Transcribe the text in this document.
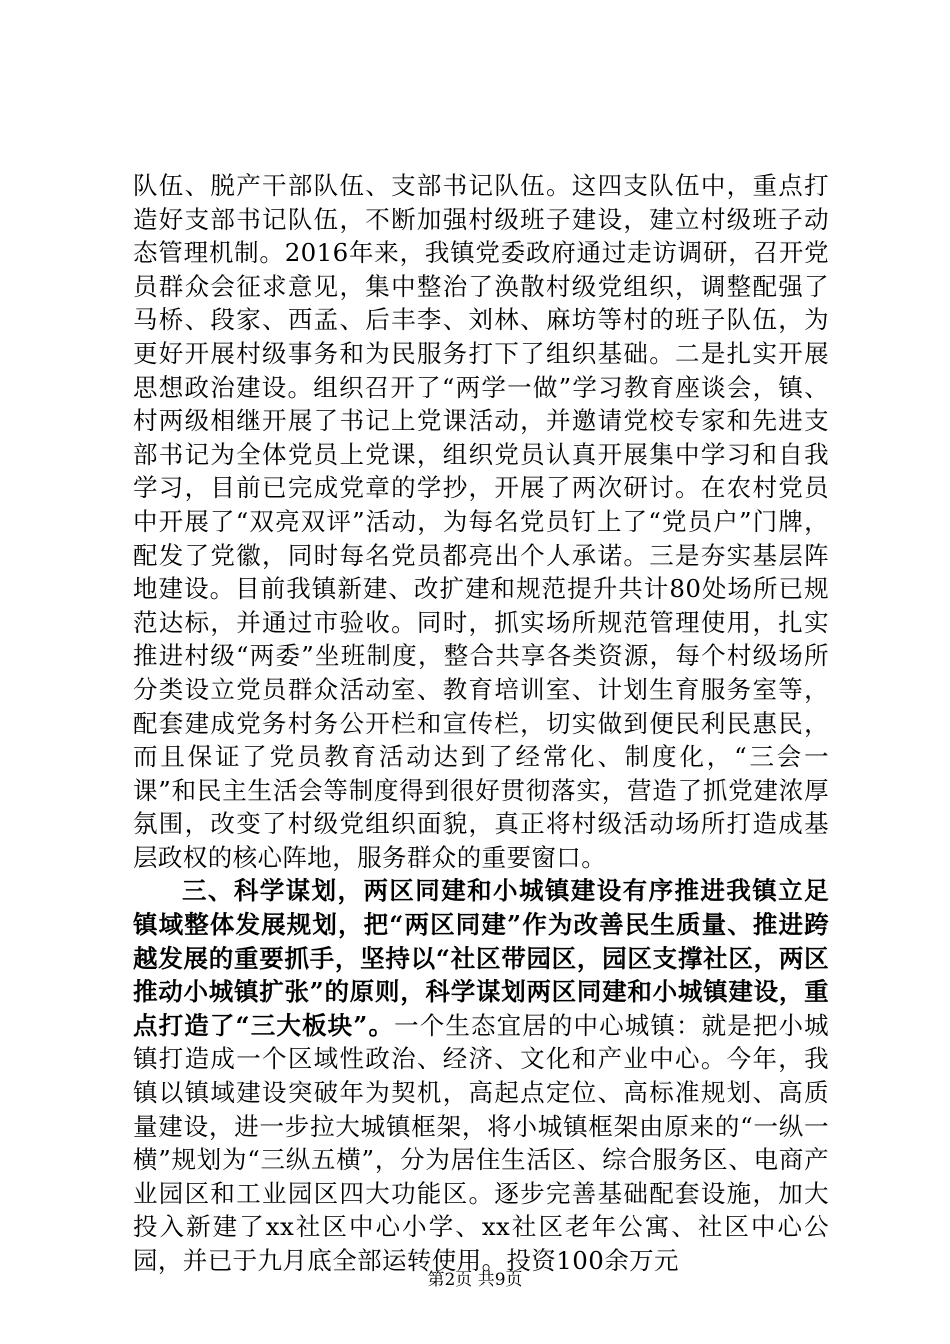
队伍、脱产干部队伍、支部书记队伍。这四支队伍中，重点打造好支部书记队伍，不断加强村级班子建设，建立村级班子动态管理机制。2016年来，我镇党委政府通过走访调研，召开党员群众会征求意见，集中整治了涣散村级党组织，调整配强了马桥、段家、西孟、后丰李、刘林、麻坊等村的班子队伍，为更好开展村级事务和为民服务打下了组织基础。二是扎实开展思想政治建设。组织召开了“两学一做”学习教育座谈会，镇、村两级相继开展了书记上党课活动，并邀请党校专家和先进支部书记为全体党员上党课，组织党员认真开展集中学习和自我学习，目前已完成党章的学抄，开展了两次研讨。在农村党员中开展了“双亮双评”活动，为每名党员钉上了“党员户”门牌，配发了党徽，同时每名党员都亮出个人承诺。三是夯实基层阵地建设。目前我镇新建、改扩建和规范提升共计80处场所已规范达标，并通过市验收。同时，抓实场所规范管理使用，扎实推进村级“两委”坐班制度，整合共享各类资源，每个村级场所分类设立党员群众活动室、教育培训室、计划生育服务室等，配套建成党务村务公开栏和宣传栏，切实做到便民利民惠民，而且保证了党员教育活动达到了经常化、制度化，“三会一课”和民主生活会等制度得到很好贯彻落实，营造了抓党建浓厚氛围，改变了村级党组织面貌，真正将村级活动场所打造成基层政权的核心阵地，服务群众的重要窗口。

三、科学谋划，两区同建和小城镇建设有序推进我镇立足镇域整体发展规划，把“两区同建”作为改善民生质量、推进跨越发展的重要抓手，坚持以“社区带园区，园区支撑社区，两区推动小城镇扩张”的原则，科学谋划两区同建和小城镇建设，重点打造了“三大板块”。一个生态宜居的中心城镇：就是把小城镇打造成一个区域性政治、经济、文化和产业中心。今年，我镇以镇域建设突破年为契机，高起点定位、高标准规划、高质量建设，进一步拉大城镇框架，将小城镇框架由原来的“一纵一横”规划为“三纵五横”，分为居住生活区、综合服务区、电商产业园区和工业园区四大功能区。逐步完善基础配套设施，加大投入新建了xx社区中心小学、xx社区老年公寓、社区中心公园，并已于九月底全部运转使用。投资100余万元

第2页 共9页
